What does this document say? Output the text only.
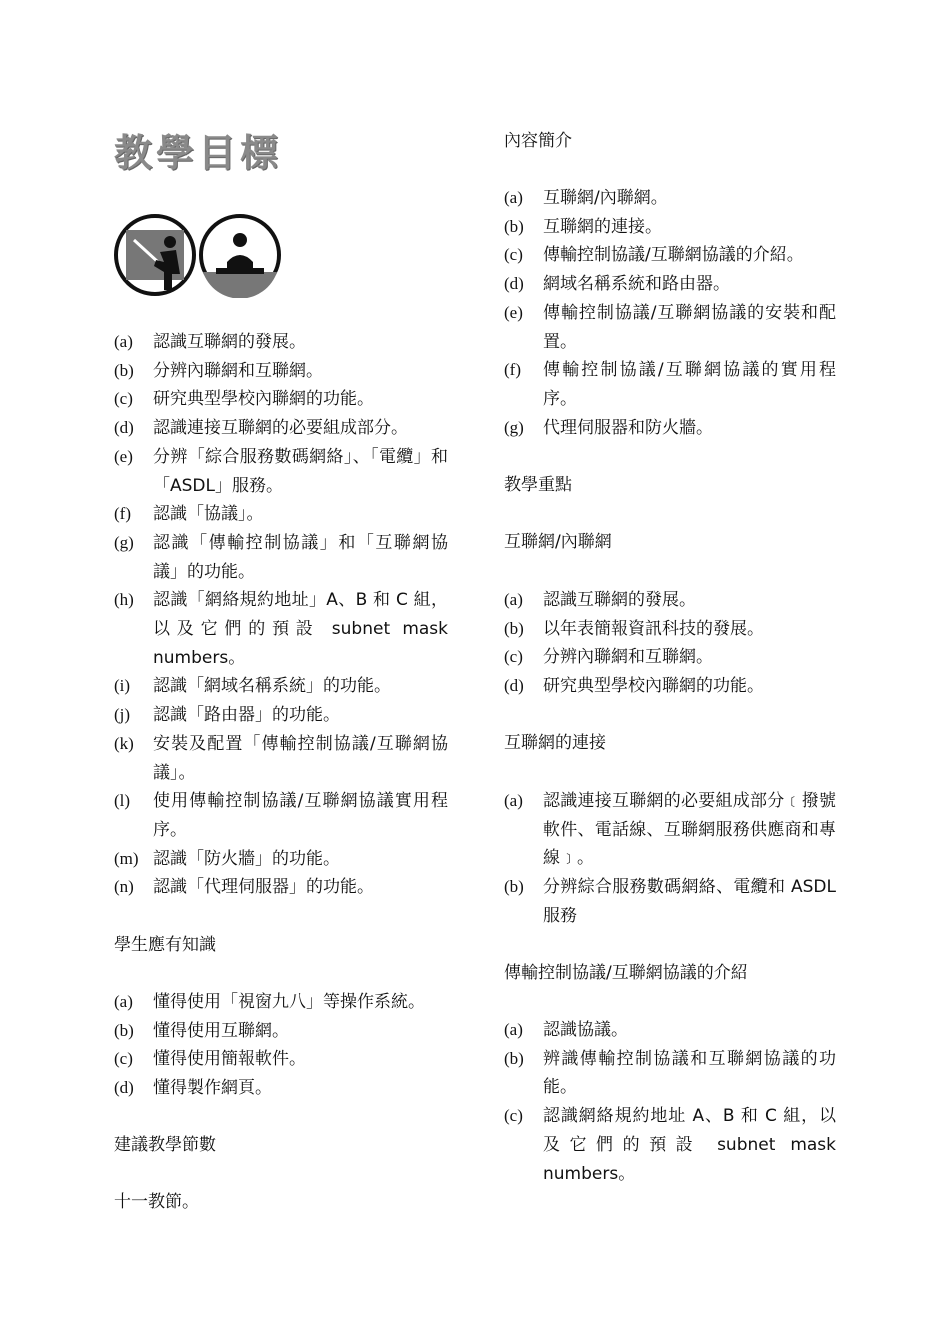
教學目標
(a) 認識互聯網的發展。
(b) 分辨內聯網和互聯網。
(c) 研究典型學校內聯網的功能。
(d) 認識連接互聯網的必要組成部分。
(e) 分辨「綜合服務數碼網絡」、「電纜」和「ASDL」服務。
(f) 認識「協議」。
(g) 認識「傳輸控制協議」和「互聯網協議」的功能。
(h) 認識「網絡規約地址」A、B 和 C 組，以及它們的預設 subnet mask numbers。
(i) 認識「網域名稱系統」的功能。
(j) 認識「路由器」的功能。
(k) 安裝及配置「傳輸控制協議/互聯網協議」。
(l) 使用傳輸控制協議/互聯網協議實用程序。
(m) 認識「防火牆」的功能。
(n) 認識「代理伺服器」的功能。
學生應有知識
(a) 懂得使用「視窗九八」等操作系統。
(b) 懂得使用互聯網。
(c) 懂得使用簡報軟件。
(d) 懂得製作網頁。
建議教學節數
十一教節。
內容簡介
(a) 互聯網/內聯網。
(b) 互聯網的連接。
(c) 傳輸控制協議/互聯網協議的介紹。
(d) 網域名稱系統和路由器。
(e) 傳輸控制協議/互聯網協議的安裝和配置。
(f) 傳輸控制協議/互聯網協議的實用程序。
(g) 代理伺服器和防火牆。
教學重點
互聯網/內聯網
(a) 認識互聯網的發展。
(b) 以年表簡報資訊科技的發展。
(c) 分辨內聯網和互聯網。
(d) 研究典型學校內聯網的功能。
互聯網的連接
(a) 認識連接互聯網的必要組成部分﹝撥號軟件、電話線、互聯網服務供應商和專線﹞。
(b) 分辨綜合服務數碼網絡、電纜和 ASDL 服務
傳輸控制協議/互聯網協議的介紹
(a) 認識協議。
(b) 辨識傳輸控制協議和互聯網協議的功能。
(c) 認識網絡規約地址 A、B 和 C 組，以及它們的預設 subnet mask numbers。
